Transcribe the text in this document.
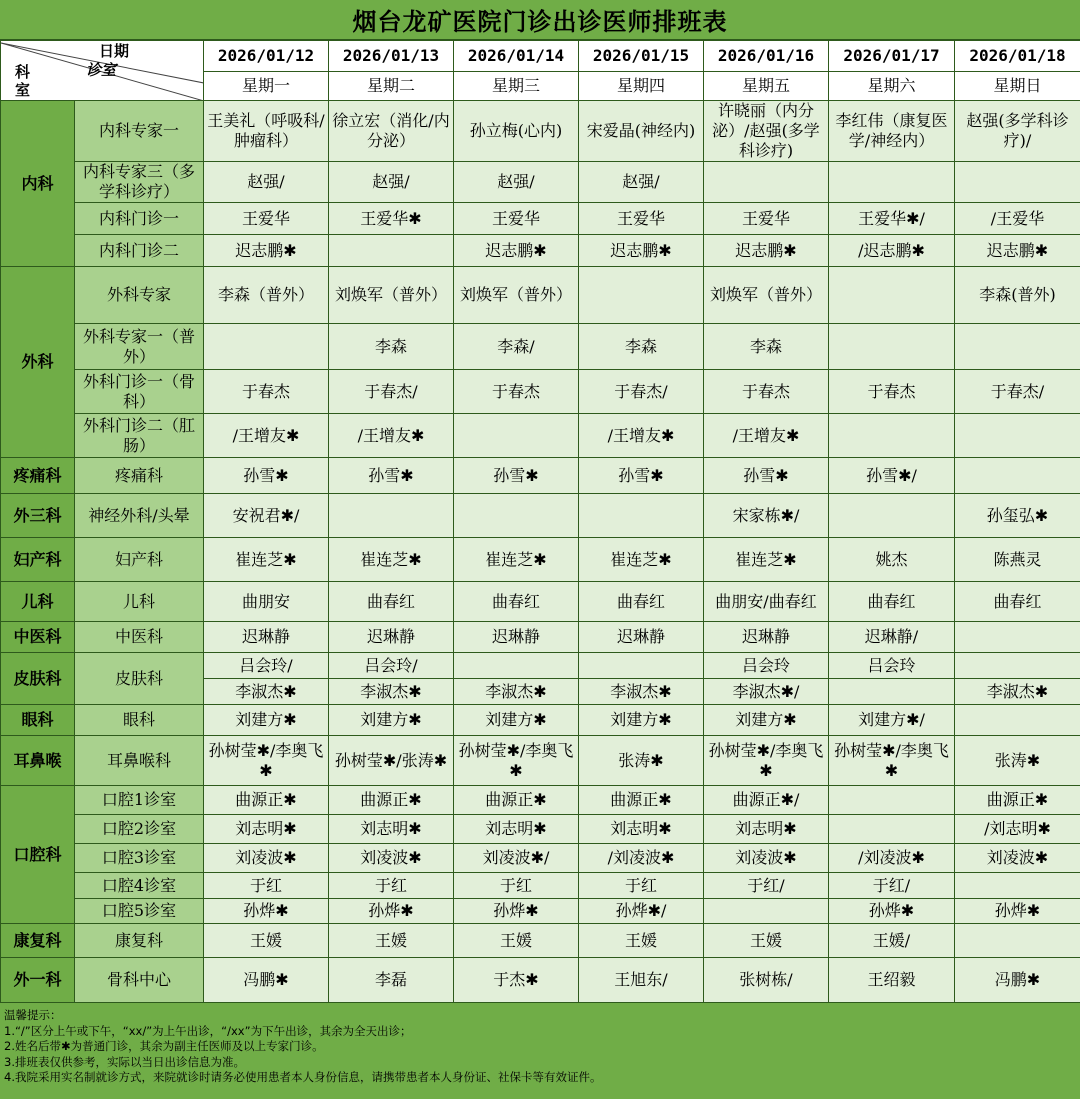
烟台龙矿医院门诊出诊医师排班表
日期
诊室
科
室		2026/01/12	2026/01/13	2026/01/14	2026/01/15	2026/01/16	2026/01/17	2026/01/18
		星期一	星期二	星期三	星期四	星期五	星期六	星期日
内科	内科专家一	王美礼（呼吸科/肿瘤科）	徐立宏（消化/内分泌）	孙立梅(心内)	宋爱晶(神经内)	许晓丽（内分泌）/赵强(多学科诊疗)	李红伟（康复医学/神经内）	赵强(多学科诊疗)/
	内科专家三（多学科诊疗）	赵强/	赵强/	赵强/	赵强/			
	内科门诊一	王爱华	王爱华✱	王爱华	王爱华	王爱华	王爱华✱/	/王爱华
	内科门诊二	迟志鹏✱		迟志鹏✱	迟志鹏✱	迟志鹏✱	/迟志鹏✱	迟志鹏✱
外科	外科专家	李森（普外）	刘焕军（普外）	刘焕军（普外）		刘焕军（普外）		李森(普外)
	外科专家一（普外）		李森	李森/	李森	李森		
	外科门诊一（骨科）	于春杰	于春杰/	于春杰	于春杰/	于春杰	于春杰	于春杰/
	外科门诊二（肛肠）	/王增友✱	/王增友✱		/王增友✱	/王增友✱		
疼痛科	疼痛科	孙雪✱	孙雪✱	孙雪✱	孙雪✱	孙雪✱	孙雪✱/	
外三科	神经外科/头晕	安祝君✱/				宋家栋✱/		孙玺弘✱
妇产科	妇产科	崔连芝✱	崔连芝✱	崔连芝✱	崔连芝✱	崔连芝✱	姚杰	陈燕灵
儿科	儿科	曲朋安	曲春红	曲春红	曲春红	曲朋安/曲春红	曲春红	曲春红
中医科	中医科	迟琳静	迟琳静	迟琳静	迟琳静	迟琳静	迟琳静/	
皮肤科	皮肤科	吕会玲/	吕会玲/			吕会玲	吕会玲	
		李淑杰✱	李淑杰✱	李淑杰✱	李淑杰✱	李淑杰✱/		李淑杰✱
眼科	眼科	刘建方✱	刘建方✱	刘建方✱	刘建方✱	刘建方✱	刘建方✱/	
耳鼻喉	耳鼻喉科	孙树莹✱/李奥飞✱	孙树莹✱/张涛✱	孙树莹✱/李奥飞✱	张涛✱	孙树莹✱/李奥飞✱	孙树莹✱/李奥飞✱	张涛✱
口腔科	口腔1诊室	曲源正✱	曲源正✱	曲源正✱	曲源正✱	曲源正✱/		曲源正✱
	口腔2诊室	刘志明✱	刘志明✱	刘志明✱	刘志明✱	刘志明✱		/刘志明✱
	口腔3诊室	刘凌波✱	刘凌波✱	刘凌波✱/	/刘凌波✱	刘凌波✱	/刘凌波✱	刘凌波✱
	口腔4诊室	于红	于红	于红	于红	于红/	于红/	
	口腔5诊室	孙烨✱	孙烨✱	孙烨✱	孙烨✱/		孙烨✱	孙烨✱
康复科	康复科	王媛	王媛	王媛	王媛	王媛	王媛/	
外一科	骨科中心	冯鹏✱	李磊	于杰✱	王旭东/	张树栋/	王绍毅	冯鹏✱
温馨提示：
1.“/”区分上午或下午，“xx/”为上午出诊，“/xx”为下午出诊，其余为全天出诊；
2.姓名后带✱为普通门诊，其余为副主任医师及以上专家门诊。
3.排班表仅供参考，实际以当日出诊信息为准。
4.我院采用实名制就诊方式，来院就诊时请务必使用患者本人身份信息，请携带患者本人身份证、社保卡等有效证件。
